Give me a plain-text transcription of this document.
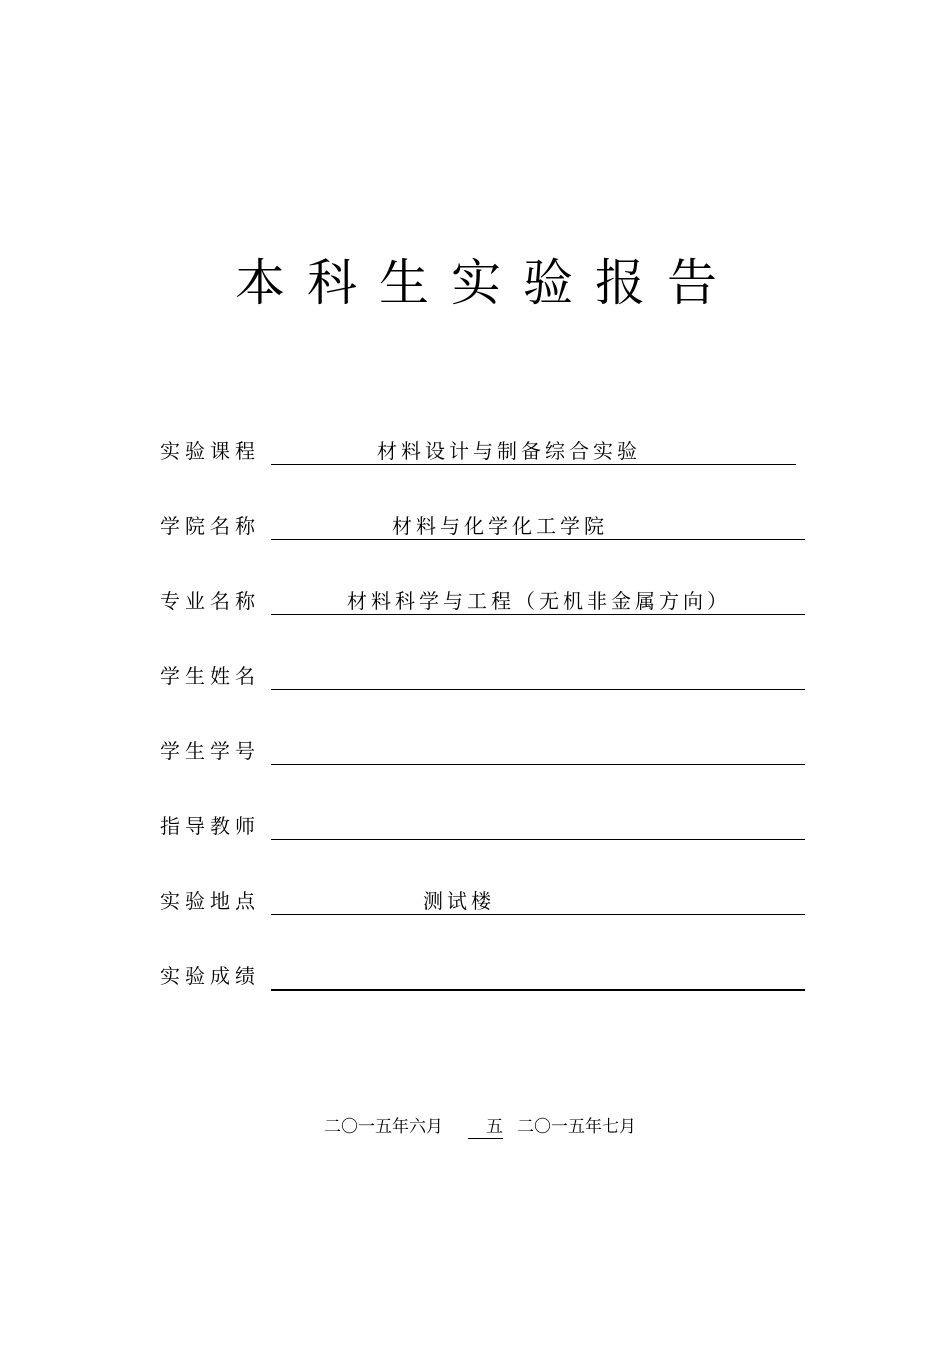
本科生实验报告
实验课程	材料设计与制备综合实验
学院名称	材料与化学化工学院
专业名称	材料科学与工程（无机非金属方向）
学生姓名
学生学号
指导教师
实验地点	测试楼
实验成绩
二〇一五年六月	五 二〇一五年七月
